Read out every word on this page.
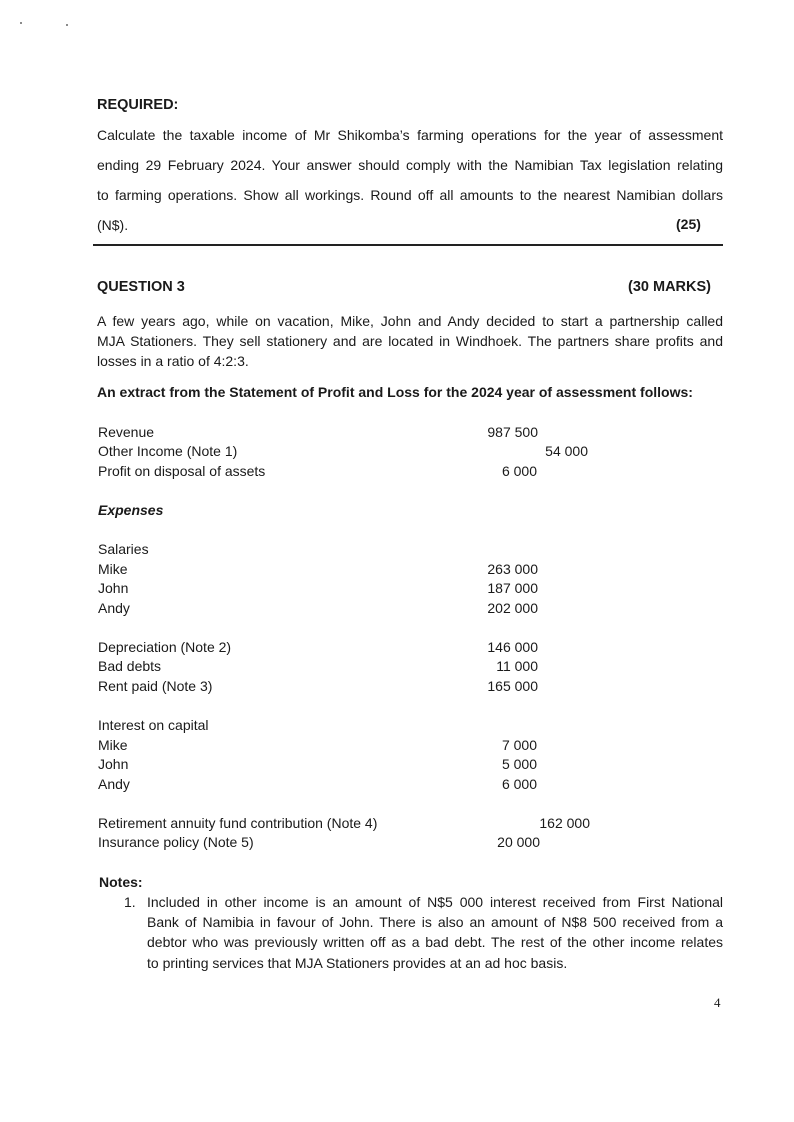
REQUIRED:
Calculate the taxable income of Mr Shikomba’s farming operations for the year of assessment
ending 29 February 2024. Your answer should comply with the Namibian Tax legislation relating
to farming operations. Show all workings. Round off all amounts to the nearest Namibian dollars
(N$).	(25)
QUESTION 3	(30 MARKS)
A few years ago, while on vacation, Mike, John and Andy decided to start a partnership called
MJA Stationers. They sell stationery and are located in Windhoek. The partners share profits and
losses in a ratio of 4:2:3.
An extract from the Statement of Profit and Loss for the 2024 year of assessment follows:
Revenue	987 500
Other Income (Note 1)	54 000
Profit on disposal of assets	6 000
Expenses
Salaries
Mike	263 000
John	187 000
Andy	202 000
Depreciation (Note 2)	146 000
Bad debts	11 000
Rent paid (Note 3)	165 000
Interest on capital
Mike	7 000
John	5 000
Andy	6 000
Retirement annuity fund contribution (Note 4)	162 000
Insurance policy (Note 5)	20 000
Notes:
1. Included in other income is an amount of N$5 000 interest received from First National
Bank of Namibia in favour of John. There is also an amount of N$8 500 received from a
debtor who was previously written off as a bad debt. The rest of the other income relates
to printing services that MJA Stationers provides at an ad hoc basis.
4
